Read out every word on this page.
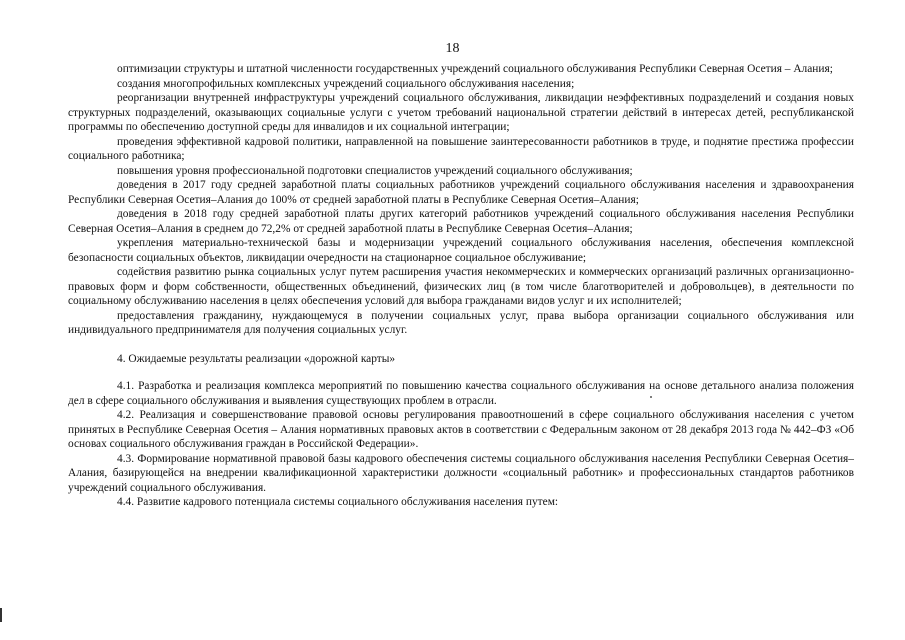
18

оптимизации структуры и штатной численности государственных учреждений социального обслуживания Республики Северная Осетия – Алания;

создания многопрофильных комплексных учреждений социального обслуживания населения;

реорганизации внутренней инфраструктуры учреждений социального обслуживания, ликвидации неэффективных подразделений и создания новых структурных подразделений, оказывающих социальные услуги с учетом требований национальной стратегии действий в интересах детей, республиканской программы по обеспечению доступной среды для инвалидов и их социальной интеграции;

проведения эффективной кадровой политики, направленной на повышение заинтересованности работников в труде, и поднятие престижа профессии социального работника;

повышения уровня профессиональной подготовки специалистов учреждений социального обслуживания;

доведения в 2017 году средней заработной платы социальных работников учреждений социального обслуживания населения и здравоохранения Республики Северная Осетия–Алания до 100% от средней заработной платы в Республике Северная Осетия–Алания;

доведения в 2018 году средней заработной платы других категорий работников учреждений социального обслуживания населения Республики Северная Осетия–Алания в среднем до 72,2% от средней заработной платы в Республике Северная Осетия–Алания;

укрепления материально-технической базы и модернизации учреждений социального обслуживания населения, обеспечения комплексной безопасности социальных объектов, ликвидации очередности на стационарное социальное обслуживание;

содействия развитию рынка социальных услуг путем расширения участия некоммерческих и коммерческих организаций различных организационно-правовых форм и форм собственности, общественных объединений, физических лиц (в том числе благотворителей и добровольцев), в деятельности по социальному обслуживанию населения в целях обеспечения условий для выбора гражданами видов услуг и их исполнителей;

предоставления гражданину, нуждающемуся в получении социальных услуг, права выбора организации социального обслуживания или индивидуального предпринимателя для получения социальных услуг.

4. Ожидаемые результаты реализации «дорожной карты»

4.1. Разработка и реализация комплекса мероприятий по повышению качества социального обслуживания на основе детального анализа положения дел в сфере социального обслуживания и выявления существующих проблем в отрасли.

4.2. Реализация и совершенствование правовой основы регулирования правоотношений в сфере социального обслуживания населения с учетом принятых в Республике Северная Осетия – Алания нормативных правовых актов в соответствии с Федеральным законом от 28 декабря 2013 года № 442–ФЗ «Об основах социального обслуживания граждан в Российской Федерации».

4.3. Формирование нормативной правовой базы кадрового обеспечения системы социального обслуживания населения Республики Северная Осетия–Алания, базирующейся на внедрении квалификационной характеристики должности «социальный работник» и профессиональных стандартов работников учреждений социального обслуживания.

4.4. Развитие кадрового потенциала системы социального обслуживания населения путем:
